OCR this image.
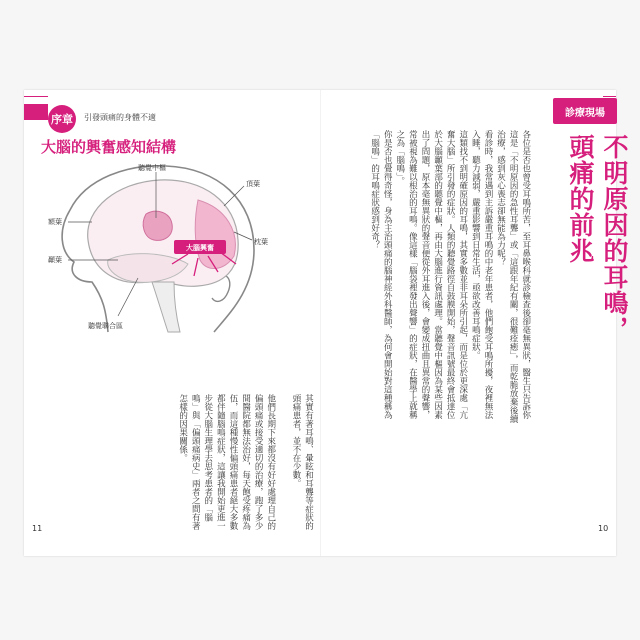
序章	引發頭痛的身體不適
大腦的興奮感知結構
大腦興奮
聽覺中樞
頂葉
額葉
枕葉
顳葉
聽覺聯合區
其實有著耳鳴、暈眩和耳聾等症狀的頭痛患者，並不在少數。

他們長期下來都沒有好好處理自己的偏頭痛或接受適切的治療，跑了多少間醫院都無法治好，每天飽受疼痛為伍，而這種慢性偏頭痛患者絕大多數都伴隨腦鳴症狀，這讓我開始更進一步從大腦生理學去思考患者的「腦鳴」與「偏頭痛病史」兩者之間有著怎樣的因果關係。
11
診療現場
不明原因的耳鳴，
頭痛的前兆
各位是否也曾受耳鳴所苦，至耳鼻喉科就診檢查後卻毫無異狀，醫生只告訴你這是「不明原因的急性耳聾」或「這跟年紀有關，很難痊癒」，而乾脆放棄後續治療，感到灰心喪志卻無能為力呢？
看診時，我常遇到主訴嚴重耳鳴的中老年患者，他們飽受耳鳴所擾，夜裡無法入睡，聽力減弱，嚴重影響到日常生活，亟欲改善耳鳴症狀。
這類找不到明確原因的耳鳴，其實多數並非耳朵所引起，而是位於更深處「亢奮大腦」所引發的症狀。人類的聽覺路徑自鼓膜開始，聲音訊號最終會抵達位於大腦顳葉部的聽覺中樞，再由大腦進行資訊處理。當聽覺中樞因為某些因素出了問題，原本毫無異狀的聲音便從外耳進入後，會變成扭曲且異常的聲響，常被視為難以根治的耳鳴。像這樣「腦袋裡發出聲響」的症狀，在醫學上就稱之為「腦鳴」。
你是否也覺得奇怪，身為主治頭痛的腦神經外科醫師，為何會開始對這種稱為「腦鳴」的耳鳴症狀感到好奇？
10
